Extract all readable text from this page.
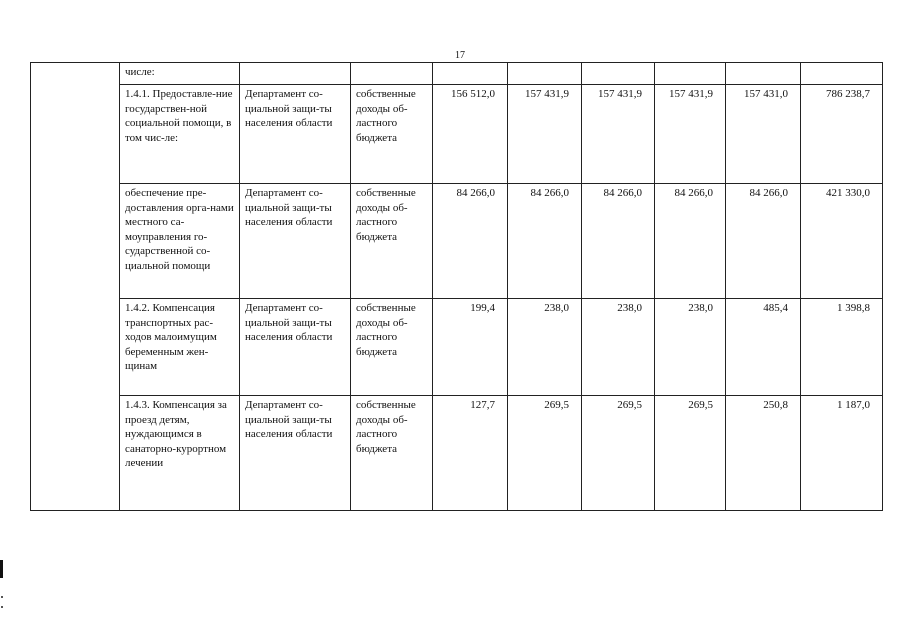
17
	числе:								
	1.4.1. Предоставле-ние государствен-ной социальной помощи, в том чис-ле:	Департамент со-циальной защи-ты населения области	собственные доходы об-ластного бюджета	156 512,0	157 431,9	157 431,9	157 431,9	157 431,0	786 238,7
	обеспечение пре-доставления орга-нами местного са-моуправления го-сударственной со-циальной помощи	Департамент со-циальной защи-ты населения области	собственные доходы об-ластного бюджета	84 266,0	84 266,0	84 266,0	84 266,0	84 266,0	421 330,0
	1.4.2. Компенсация транспортных рас-ходов малоимущим беременным жен-щинам	Департамент со-циальной защи-ты населения области	собственные доходы об-ластного бюджета	199,4	238,0	238,0	238,0	485,4	1 398,8
	1.4.3. Компенсация за проезд детям, нуждающимся в санаторно-курортном лечении	Департамент со-циальной защи-ты населения области	собственные доходы об-ластного бюджета	127,7	269,5	269,5	269,5	250,8	1 187,0
